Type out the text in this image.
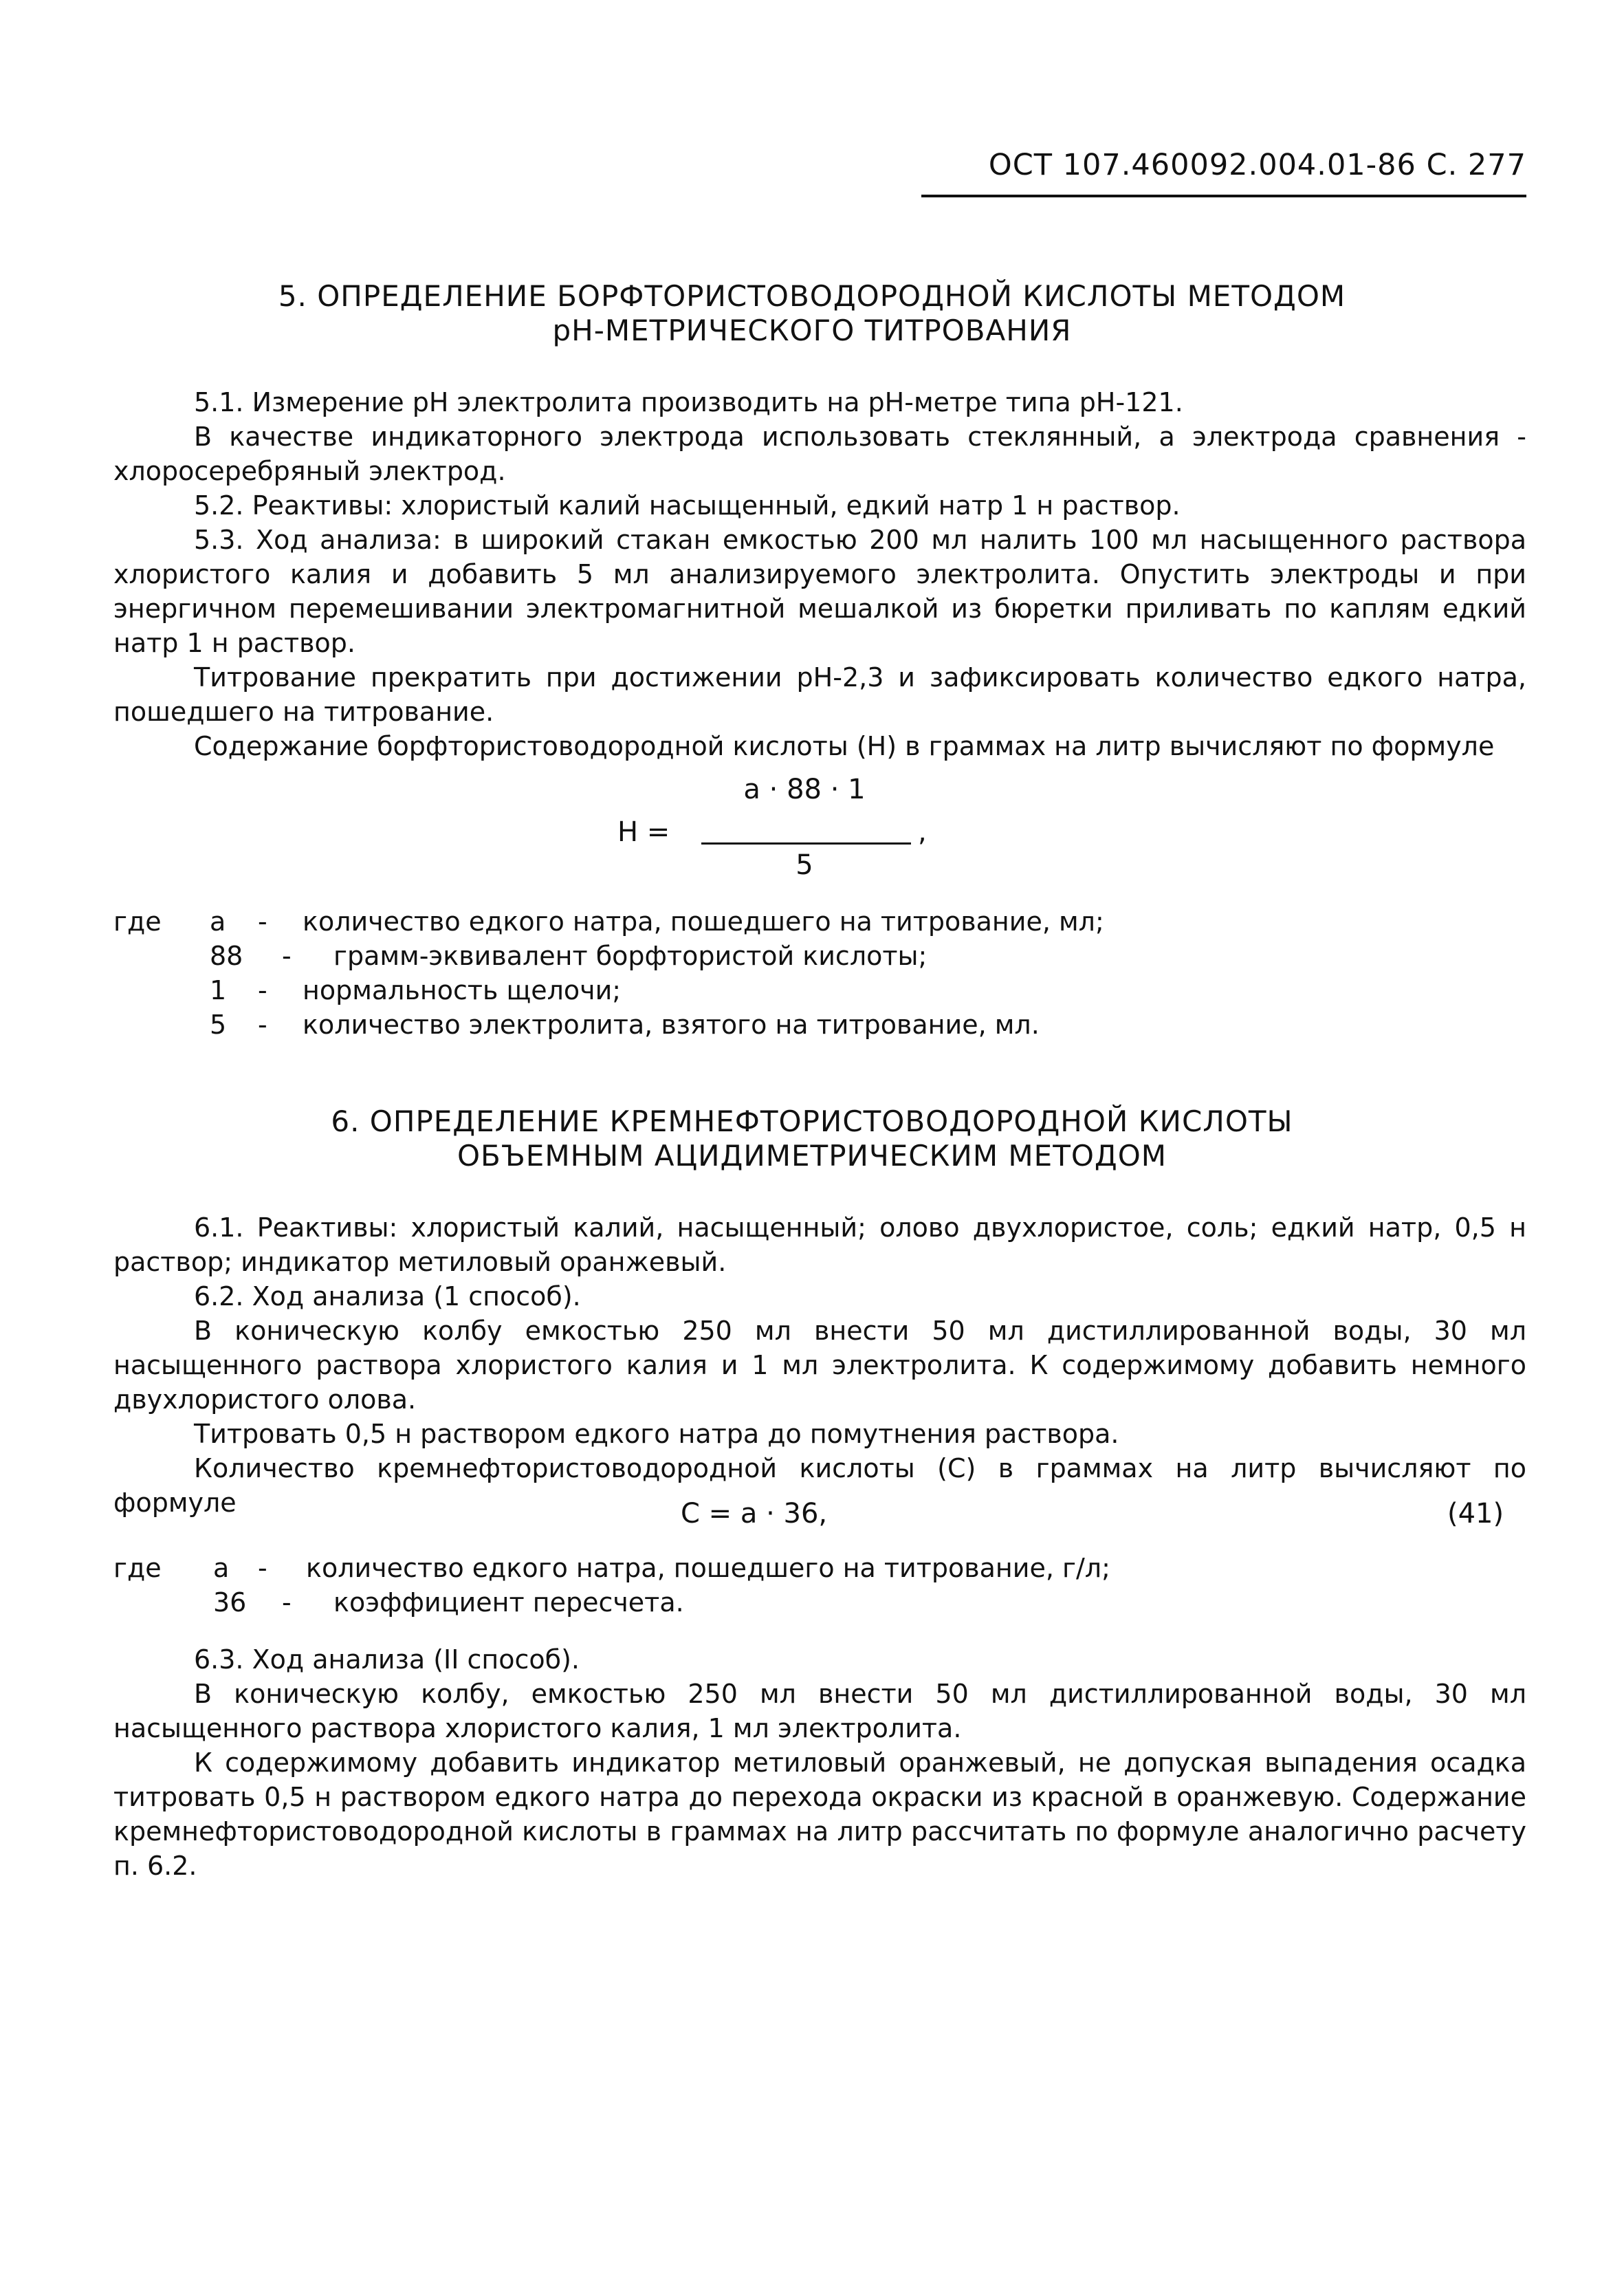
ОСТ 107.460092.004.01-86 С. 277
5. ОПРЕДЕЛЕНИЕ БОРФТОРИСТОВОДОРОДНОЙ КИСЛОТЫ МЕТОДОМ
pH-МЕТРИЧЕСКОГО ТИТРОВАНИЯ

5.1. Измерение pH электролита производить на pH-метре типа pH-121.

В качестве индикаторного электрода использовать стеклянный, а электрода сравнения - хлоросеребряный электрод.

5.2. Реактивы: хлористый калий насыщенный, едкий натр 1 н раствор.

5.3. Ход анализа: в широкий стакан емкостью 200 мл налить 100 мл насыщенного раствора хлористого калия и добавить 5 мл анализируемого электролита. Опустить электроды и при энергичном перемешивании электромагнитной мешалкой из бюретки приливать по каплям едкий натр 1 н раствор.

Титрование прекратить при достижении pH-2,3 и зафиксировать количество едкого натра, пошедшего на титрование.

Содержание борфтористоводородной кислоты (Н) в граммах на литр вычисляют по формуле

Н =
а · 88 · 1
5
,
где а - количество едкого натра, пошедшего на титрование, мл;
88 - грамм-эквивалент борфтористой кислоты;
1 - нормальность щелочи;
5 - количество электролита, взятого на титрование, мл.
6. ОПРЕДЕЛЕНИЕ КРЕМНЕФТОРИСТОВОДОРОДНОЙ КИСЛОТЫ
ОБЪЕМНЫМ АЦИДИМЕТРИЧЕСКИМ МЕТОДОМ

6.1. Реактивы: хлористый калий, насыщенный; олово двухлористое, соль; едкий натр, 0,5 н раствор; индикатор метиловый оранжевый.

6.2. Ход анализа (1 способ).

В коническую колбу емкостью 250 мл внести 50 мл дистиллированной воды, 30 мл насыщенного раствора хлористого калия и 1 мл электролита. К содержимому добавить немного двухлористого олова.

Титровать 0,5 н раствором едкого натра до помутнения раствора.

Количество кремнефтористоводородной кислоты (С) в граммах на литр вычисляют по формуле	С = а · 36,	(41)
где а - количество едкого натра, пошедшего на титрование, г/л;
36 - коэффициент пересчета.

6.3. Ход анализа (II способ).

В коническую колбу, емкостью 250 мл внести 50 мл дистиллированной воды, 30 мл насыщенного раствора хлористого калия, 1 мл электролита.

К содержимому добавить индикатор метиловый оранжевый, не допуская выпадения осадка титровать 0,5 н раствором едкого натра до перехода окраски из красной в оранжевую. Содержание кремнефтористоводородной кислоты в граммах на литр рассчитать по формуле аналогично расчету п. 6.2.
